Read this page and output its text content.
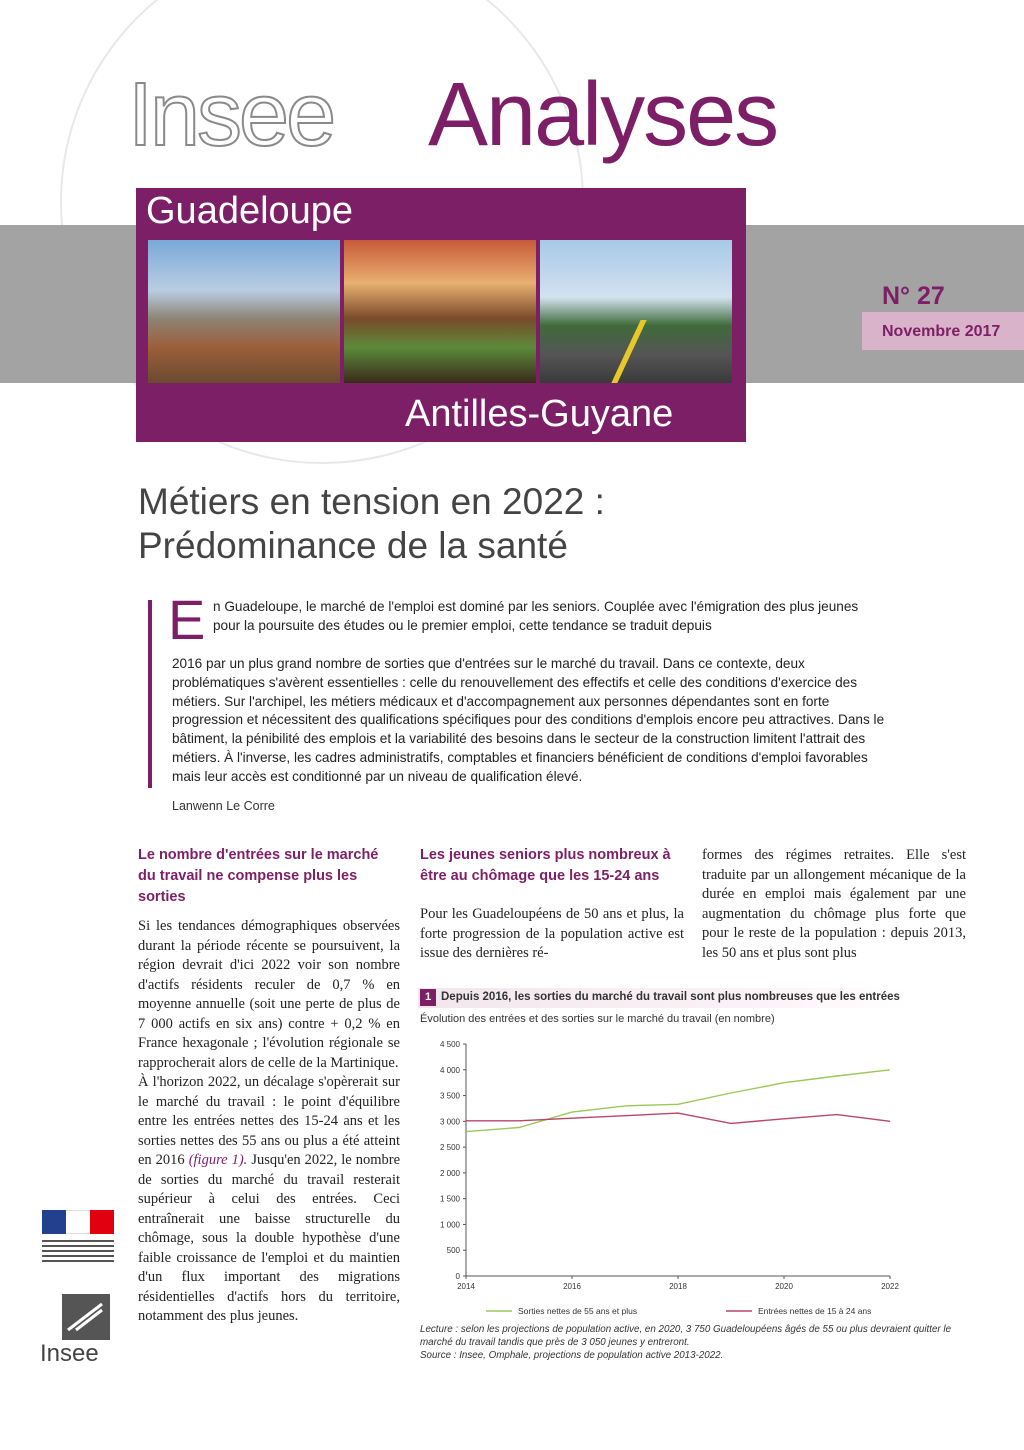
Insee Analyses
Guadeloupe
Antilles-Guyane
N° 27
Novembre 2017
Métiers en tension en 2022 :
Prédominance de la santé
E n Guadeloupe, le marché de l'emploi est dominé par les seniors. Couplée avec l'émigration des plus jeunes pour la poursuite des études ou le premier emploi, cette tendance se traduit depuis
2016 par un plus grand nombre de sorties que d'entrées sur le marché du travail. Dans ce contexte, deux problématiques s'avèrent essentielles : celle du renouvellement des effectifs et celle des conditions d'exercice des métiers. Sur l'archipel, les métiers médicaux et d'accompagnement aux personnes dépendantes sont en forte progression et nécessitent des qualifications spécifiques pour des conditions d'emplois encore peu attractives. Dans le bâtiment, la pénibilité des emplois et la variabilité des besoins dans le secteur de la construction limitent l'attrait des métiers. À l'inverse, les cadres administratifs, comptables et financiers bénéficient de conditions d'emploi favorables mais leur accès est conditionné par un niveau de qualification élevé.
Lanwenn Le Corre
Le nombre d'entrées sur le marché du travail ne compense plus les sorties
Si les tendances démographiques observées durant la période récente se poursuivent, la région devrait d'ici 2022 voir son nombre d'actifs résidents reculer de 0,7 % en moyenne annuelle (soit une perte de plus de 7 000 actifs en six ans) contre + 0,2 % en France hexagonale ; l'évolution régionale se rapprocherait alors de celle de la Martinique.
À l'horizon 2022, un décalage s'opèrerait sur le marché du travail : le point d'équilibre entre les entrées nettes des 15-24 ans et les sorties nettes des 55 ans ou plus a été atteint en 2016 (figure 1). Jusqu'en 2022, le nombre de sorties du marché du travail resterait supérieur à celui des entrées. Ceci entraînerait une baisse structurelle du chômage, sous la double hypothèse d'une faible croissance de l'emploi et du maintien d'un flux important des migrations résidentielles d'actifs hors du territoire, notamment des plus jeunes.
Les jeunes seniors plus nombreux à être au chômage que les 15-24 ans
Pour les Guadeloupéens de 50 ans et plus, la forte progression de la population active est issue des dernières ré-
formes des régimes retraites. Elle s'est traduite par un allongement mécanique de la durée en emploi mais également par une augmentation du chômage plus forte que pour le reste de la population : depuis 2013, les 50 ans et plus sont plus
1 Depuis 2016, les sorties du marché du travail sont plus nombreuses que les entrées
Évolution des entrées et des sorties sur le marché du travail (en nombre)
0
500
1 000
1 500
2 000
2 500
3 000
3 500
4 000
4 500
2014	2016	2018	2020	2022
Sorties nettes de 55 ans et plus	Entrées nettes de 15 à 24 ans
Lecture : selon les projections de population active, en 2020, 3 750 Guadeloupéens âgés de 55 ou plus devraient quitter le marché du travail tandis que près de 3 050 jeunes y entreront.
Source : Insee, Omphale, projections de population active 2013-2022.
Insee
